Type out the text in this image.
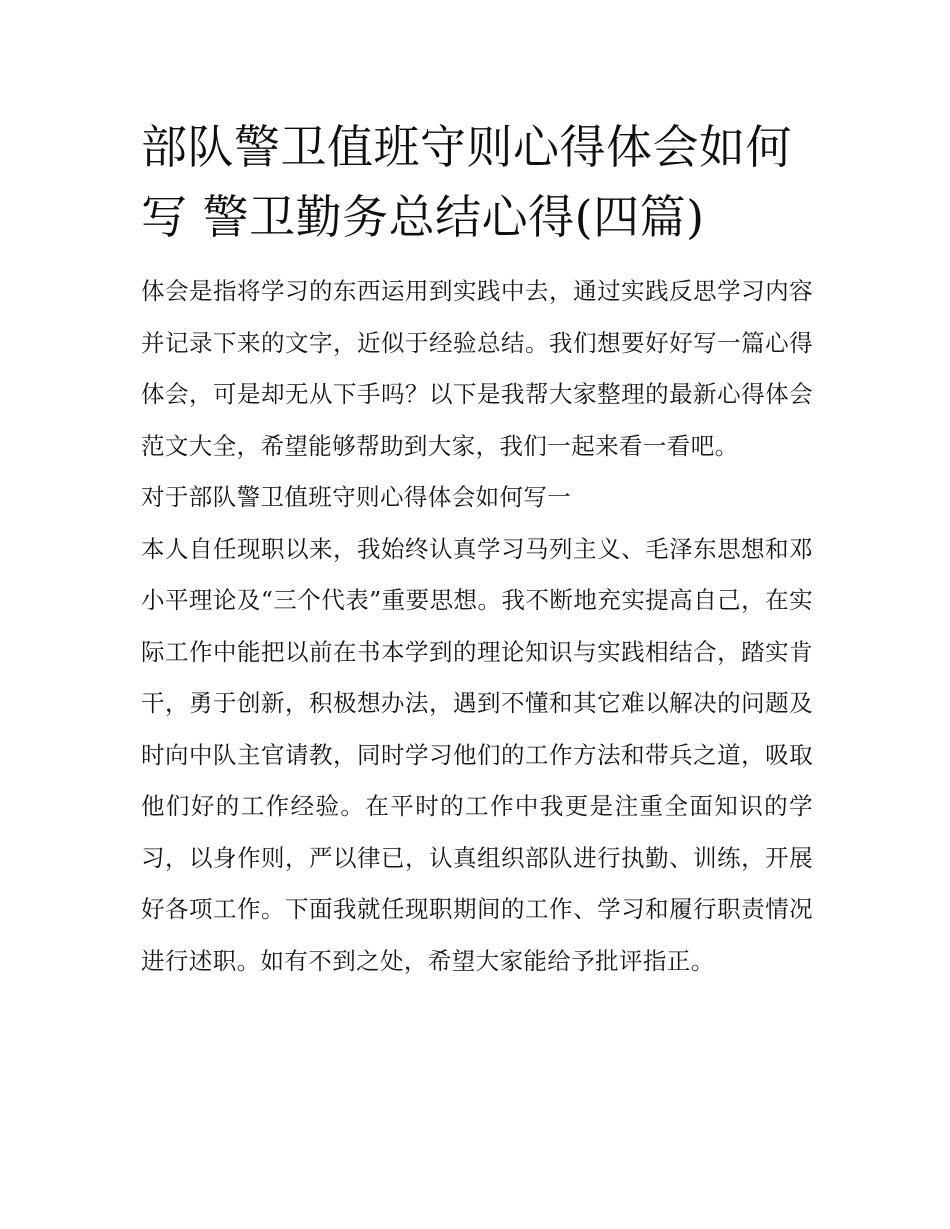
部队警卫值班守则心得体会如何写 警卫勤务总结心得(四篇)

体会是指将学习的东西运用到实践中去，通过实践反思学习内容并记录下来的文字，近似于经验总结。我们想要好好写一篇心得体会，可是却无从下手吗？以下是我帮大家整理的最新心得体会范文大全，希望能够帮助到大家，我们一起来看一看吧。

对于部队警卫值班守则心得体会如何写一

本人自任现职以来，我始终认真学习马列主义、毛泽东思想和邓小平理论及“三个代表”重要思想。我不断地充实提高自己，在实际工作中能把以前在书本学到的理论知识与实践相结合，踏实肯干，勇于创新，积极想办法，遇到不懂和其它难以解决的问题及时向中队主官请教，同时学习他们的工作方法和带兵之道，吸取他们好的工作经验。在平时的工作中我更是注重全面知识的学习，以身作则，严以律已，认真组织部队进行执勤、训练，开展好各项工作。下面我就任现职期间的工作、学习和履行职责情况进行述职。如有不到之处，希望大家能给予批评指正。
